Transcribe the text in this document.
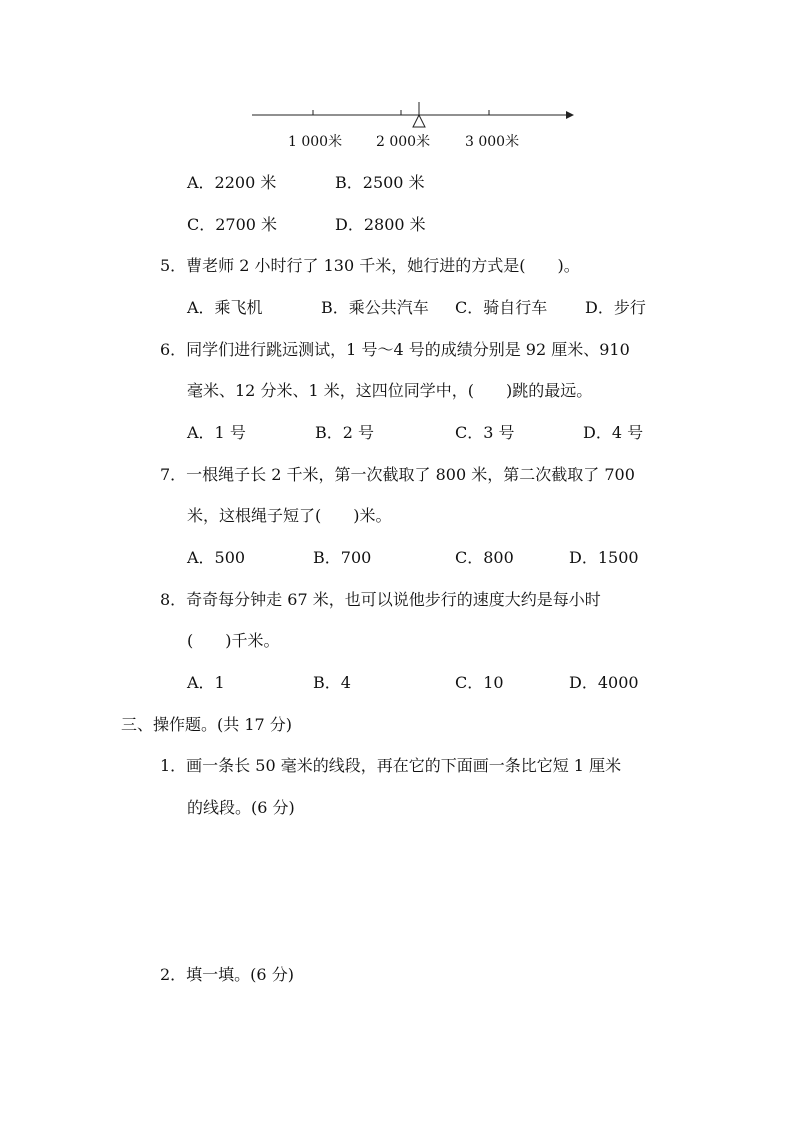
1 000米 2 000米 3 000米
A．2200 米	B．2500 米
C．2700 米	D．2800 米
5．曹老师 2 小时行了 130 千米，她行进的方式是(　　)。
A．乘飞机	B．乘公共汽车 C．骑自行车 D．步行
6．同学们进行跳远测试，1 号～4 号的成绩分别是 92 厘米、910
毫米、12 分米、1 米，这四位同学中，(　　)跳的最远。
A．1 号	B．2 号	C．3 号	D．4 号
7．一根绳子长 2 千米，第一次截取了 800 米，第二次截取了 700
米，这根绳子短了(　　)米。
A．500	B．700	C．800	D．1500
8．奇奇每分钟走 67 米，也可以说他步行的速度大约是每小时
(　　)千米。
A．1	B．4	C．10	D．4000
三、操作题。(共 17 分)
1．画一条长 50 毫米的线段，再在它的下面画一条比它短 1 厘米
的线段。(6 分)
2．填一填。(6 分)
